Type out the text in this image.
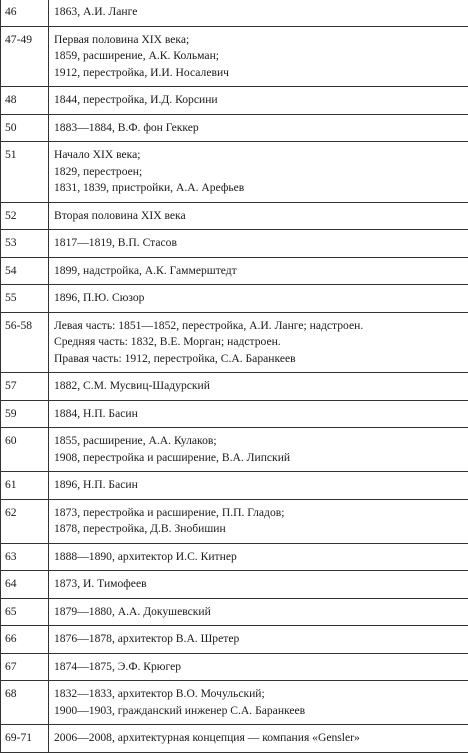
46	1863, А.И. Ланге

47-49	Первая половина XIX века;
1859, расширение, А.К. Кольман;
1912, перестройка, И.И. Носалевич

48	1844, перестройка, И.Д. Корсини

50	1883—1884, В.Ф. фон Геккер

51	Начало XIX века;
1829, перестроен;
1831, 1839, пристройки, А.А. Арефьев

52	Вторая половина XIX века

53	1817—1819, В.П. Стасов

54	1899, надстройка, А.К. Гаммерштедт

55	1896, П.Ю. Сюзор

56-58	Левая часть: 1851—1852, перестройка, А.И. Ланге; надстроен.
Средняя часть: 1832, В.Е. Морган; надстроен.
Правая часть: 1912, перестройка, С.А. Баранкеев

57	1882, С.М. Мусвиц-Шадурский

59	1884, Н.П. Басин

60	1855, расширение, А.А. Кулаков;
1908, перестройка и расширение, В.А. Липский

61	1896, Н.П. Басин

62	1873, перестройка и расширение, П.П. Гладов;
1878, перестройка, Д.В. Знобишин

63	1888—1890, архитектор И.С. Китнер

64	1873, И. Тимофеев

65	1879—1880, А.А. Докушевский

66	1876—1878, архитектор В.А. Шретер

67	1874—1875, Э.Ф. Крюгер

68	1832—1833, архитектор В.О. Мочульский;
1900—1903, гражданский инженер С.А. Баранкеев

69-71	2006—2008, архитектурная концепция — компания «Gensler»
